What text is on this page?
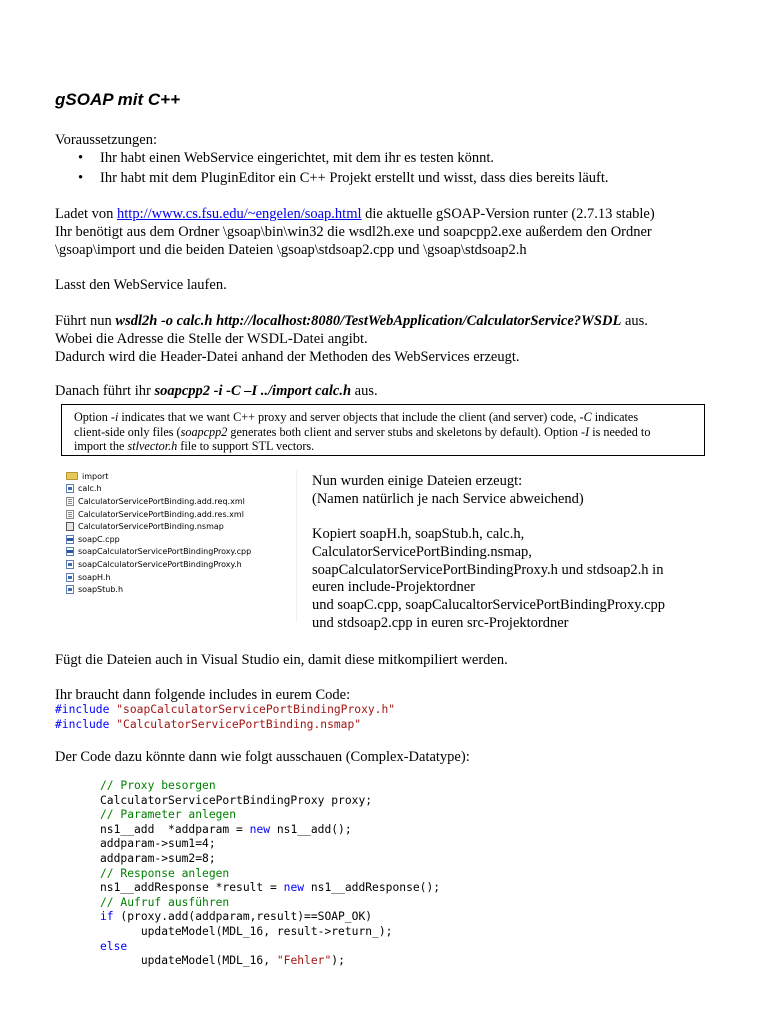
gSOAP mit C++
Voraussetzungen:
• Ihr habt einen WebService eingerichtet, mit dem ihr es testen könnt.
• Ihr habt mit dem PluginEditor ein C++ Projekt erstellt und wisst, dass dies bereits läuft.
Ladet von http://www.cs.fsu.edu/~engelen/soap.html die aktuelle gSOAP-Version runter (2.7.13 stable)
Ihr benötigt aus dem Ordner \gsoap\bin\win32 die wsdl2h.exe und soapcpp2.exe außerdem den Ordner
\gsoap\import und die beiden Dateien \gsoap\stdsoap2.cpp und \gsoap\stdsoap2.h
Lasst den WebService laufen.
Führt nun wsdl2h -o calc.h http://localhost:8080/TestWebApplication/CalculatorService?WSDL aus.
Wobei die Adresse die Stelle der WSDL-Datei angibt.
Dadurch wird die Header-Datei anhand der Methoden des WebServices erzeugt.
Danach führt ihr soapcpp2 -i -C –I ../import calc.h aus.
Option -i indicates that we want C++ proxy and server objects that include the client (and server) code, -C indicates
client-side only files (soapcpp2 generates both client and server stubs and skeletons by default). Option -I is needed to
import the stlvector.h file to support STL vectors.
import
calc.h
CalculatorServicePortBinding.add.req.xml
CalculatorServicePortBinding.add.res.xml
CalculatorServicePortBinding.nsmap
soapC.cpp
soapCalculatorServicePortBindingProxy.cpp
soapCalculatorServicePortBindingProxy.h
soapH.h
soapStub.h
Nun wurden einige Dateien erzeugt:
(Namen natürlich je nach Service abweichend)
Kopiert soapH.h, soapStub.h, calc.h,
CalculatorServicePortBinding.nsmap,
soapCalculatorServicePortBindingProxy.h und stdsoap2.h in
euren include-Projektordner
und soapC.cpp, soapCalucaltorServicePortBindingProxy.cpp
und stdsoap2.cpp in euren src-Projektordner
Fügt die Dateien auch in Visual Studio ein, damit diese mitkompiliert werden.
Ihr braucht dann folgende includes in eurem Code:
#include "soapCalculatorServicePortBindingProxy.h"
#include "CalculatorServicePortBinding.nsmap"
Der Code dazu könnte dann wie folgt ausschauen (Complex-Datatype):
// Proxy besorgen
CalculatorServicePortBindingProxy proxy;
// Parameter anlegen
ns1__add  *addparam = new ns1__add();
addparam->sum1=4;
addparam->sum2=8;
// Response anlegen
ns1__addResponse *result = new ns1__addResponse();
// Aufruf ausführen
if (proxy.add(addparam,result)==SOAP_OK)
updateModel(MDL_16, result->return_);
else
updateModel(MDL_16, "Fehler");
